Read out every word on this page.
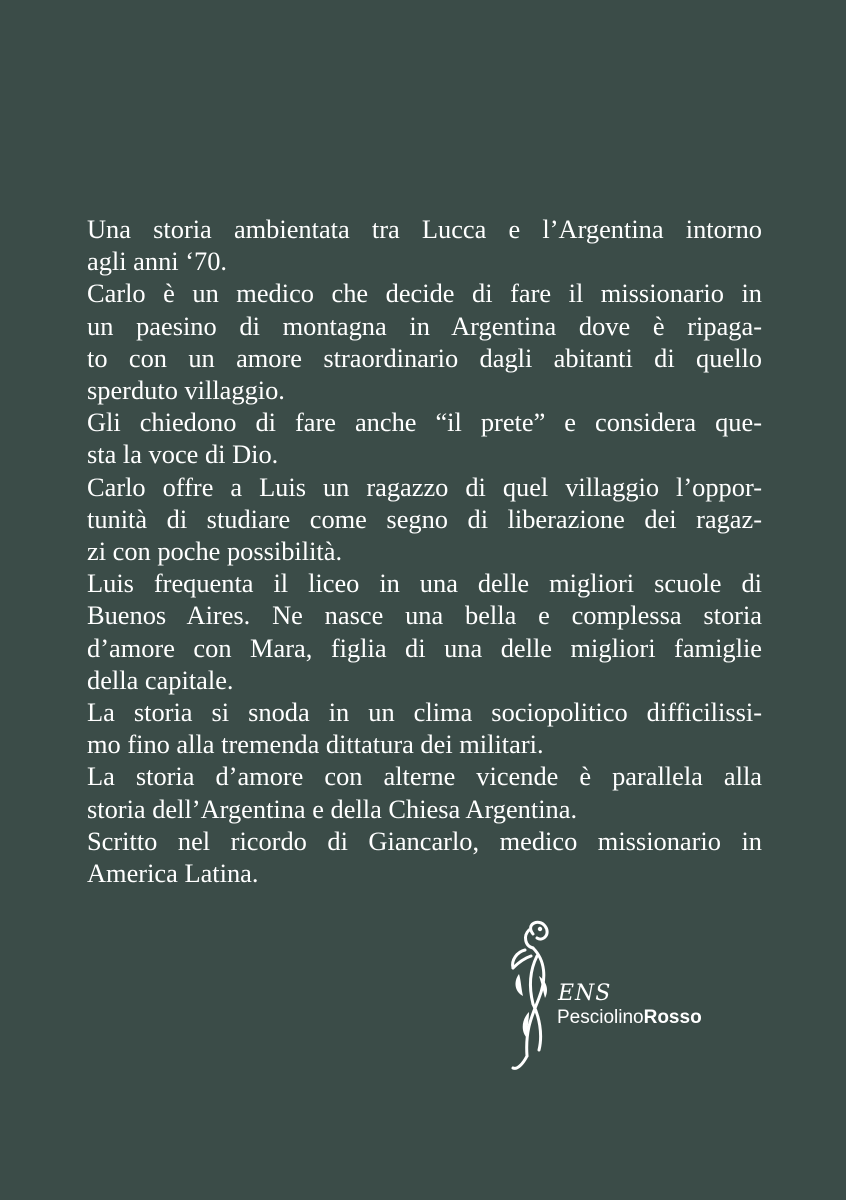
Una storia ambientata tra Lucca e l’Argentina intorno
agli anni ‘70.
Carlo è un medico che decide di fare il missionario in
un paesino di montagna in Argentina dove è ripaga-
to con un amore straordinario dagli abitanti di quello
sperduto villaggio.
Gli chiedono di fare anche “il prete” e considera que-
sta la voce di Dio.
Carlo offre a Luis un ragazzo di quel villaggio l’oppor-
tunità di studiare come segno di liberazione dei ragaz-
zi con poche possibilità.
Luis frequenta il liceo in una delle migliori scuole di
Buenos Aires. Ne nasce una bella e complessa storia
d’amore con Mara, figlia di una delle migliori famiglie
della capitale.
La storia si snoda in un clima sociopolitico difficilissi-
mo fino alla tremenda dittatura dei militari.
La storia d’amore con alterne vicende è parallela alla
storia dell’Argentina e della Chiesa Argentina.
Scritto nel ricordo di Giancarlo, medico missionario in
America Latina.
ENS
PesciolinoRosso
